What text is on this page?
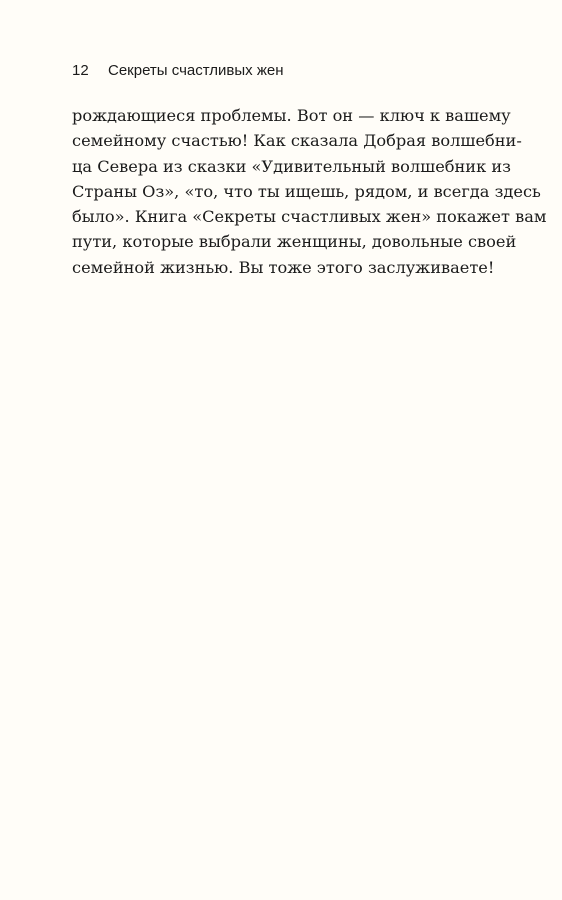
12 Секреты счастливых жен
рождающиеся проблемы. Вот он — ключ к вашему
семейному счастью! Как сказала Добрая волшебни-
ца Севера из сказки «Удивительный волшебник из
Страны Оз», «то, что ты ищешь, рядом, и всегда здесь
было». Книга «Секреты счастливых жен» покажет вам
пути, которые выбрали женщины, довольные своей
семейной жизнью. Вы тоже этого заслуживаете!
